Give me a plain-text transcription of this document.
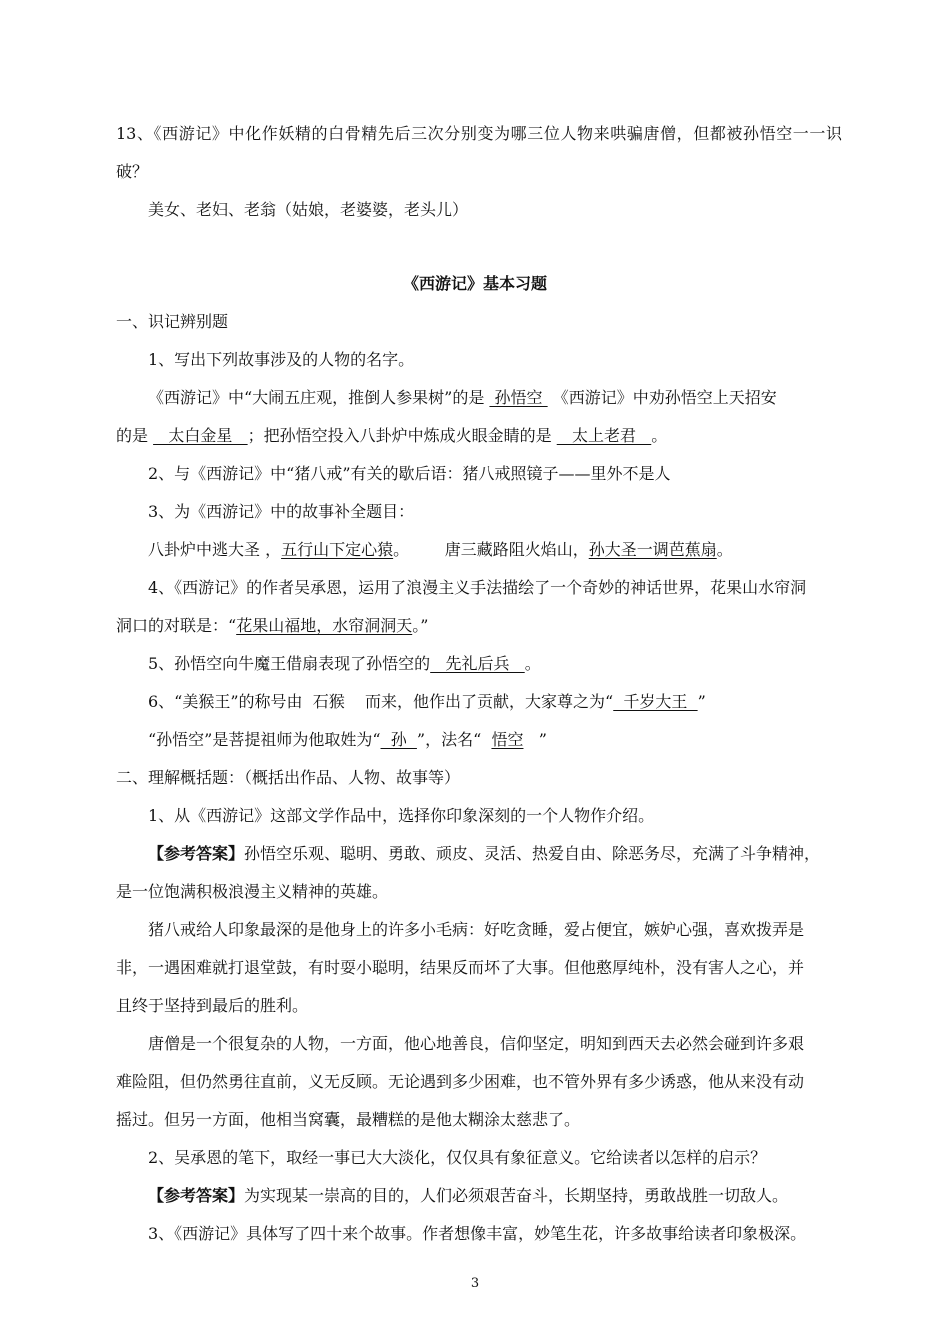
13、《西游记》中化作妖精的白骨精先后三次分别变为哪三位人物来哄骗唐僧，但都被孙悟空一一识
破？
美女、老妇、老翁（姑娘，老婆婆，老头儿）
《西游记》基本习题
一、识记辨别题
1、写出下列故事涉及的人物的名字。
《西游记》中“大闹五庄观，推倒人参果树”的是  孙悟空  《西游记》中劝孙悟空上天招安
的是    太白金星   ；把孙悟空投入八卦炉中炼成火眼金睛的是    太上老君   。
2、与《西游记》中“猪八戒”有关的歇后语：猪八戒照镜子——里外不是人
3、为《西游记》中的故事补全题目：
八卦炉中逃大圣 ，五行山下定心猿。       唐三藏路阻火焰山，孙大圣一调芭蕉扇。
4、《西游记》的作者吴承恩，运用了浪漫主义手法描绘了一个奇妙的神话世界，花果山水帘洞
洞口的对联是：“花果山福地，水帘洞洞天。”
5、孙悟空向牛魔王借扇表现了孙悟空的   先礼后兵   。
6、“美猴王”的称号由  石猴    而来，他作出了贡献，大家尊之为“  千岁大王  ”
“孙悟空”是菩提祖师为他取姓为“  孙  ”，法名“  悟空   ”
二、理解概括题：（概括出作品、人物、故事等）
1、从《西游记》这部文学作品中，选择你印象深刻的一个人物作介绍。
【参考答案】孙悟空乐观、聪明、勇敢、顽皮、灵活、热爱自由、除恶务尽，充满了斗争精神，
是一位饱满积极浪漫主义精神的英雄。
猪八戒给人印象最深的是他身上的许多小毛病：好吃贪睡，爱占便宜，嫉妒心强，喜欢拨弄是
非，一遇困难就打退堂鼓，有时耍小聪明，结果反而坏了大事。但他憨厚纯朴，没有害人之心，并
且终于坚持到最后的胜利。
唐僧是一个很复杂的人物，一方面，他心地善良，信仰坚定，明知到西天去必然会碰到许多艰
难险阻，但仍然勇往直前，义无反顾。无论遇到多少困难，也不管外界有多少诱惑，他从来没有动
摇过。但另一方面，他相当窝囊，最糟糕的是他太糊涂太慈悲了。
2、吴承恩的笔下，取经一事已大大淡化，仅仅具有象征意义。它给读者以怎样的启示？
【参考答案】为实现某一崇高的目的，人们必须艰苦奋斗，长期坚持，勇敢战胜一切敌人。
3、《西游记》具体写了四十来个故事。作者想像丰富，妙笔生花，许多故事给读者印象极深。
3
